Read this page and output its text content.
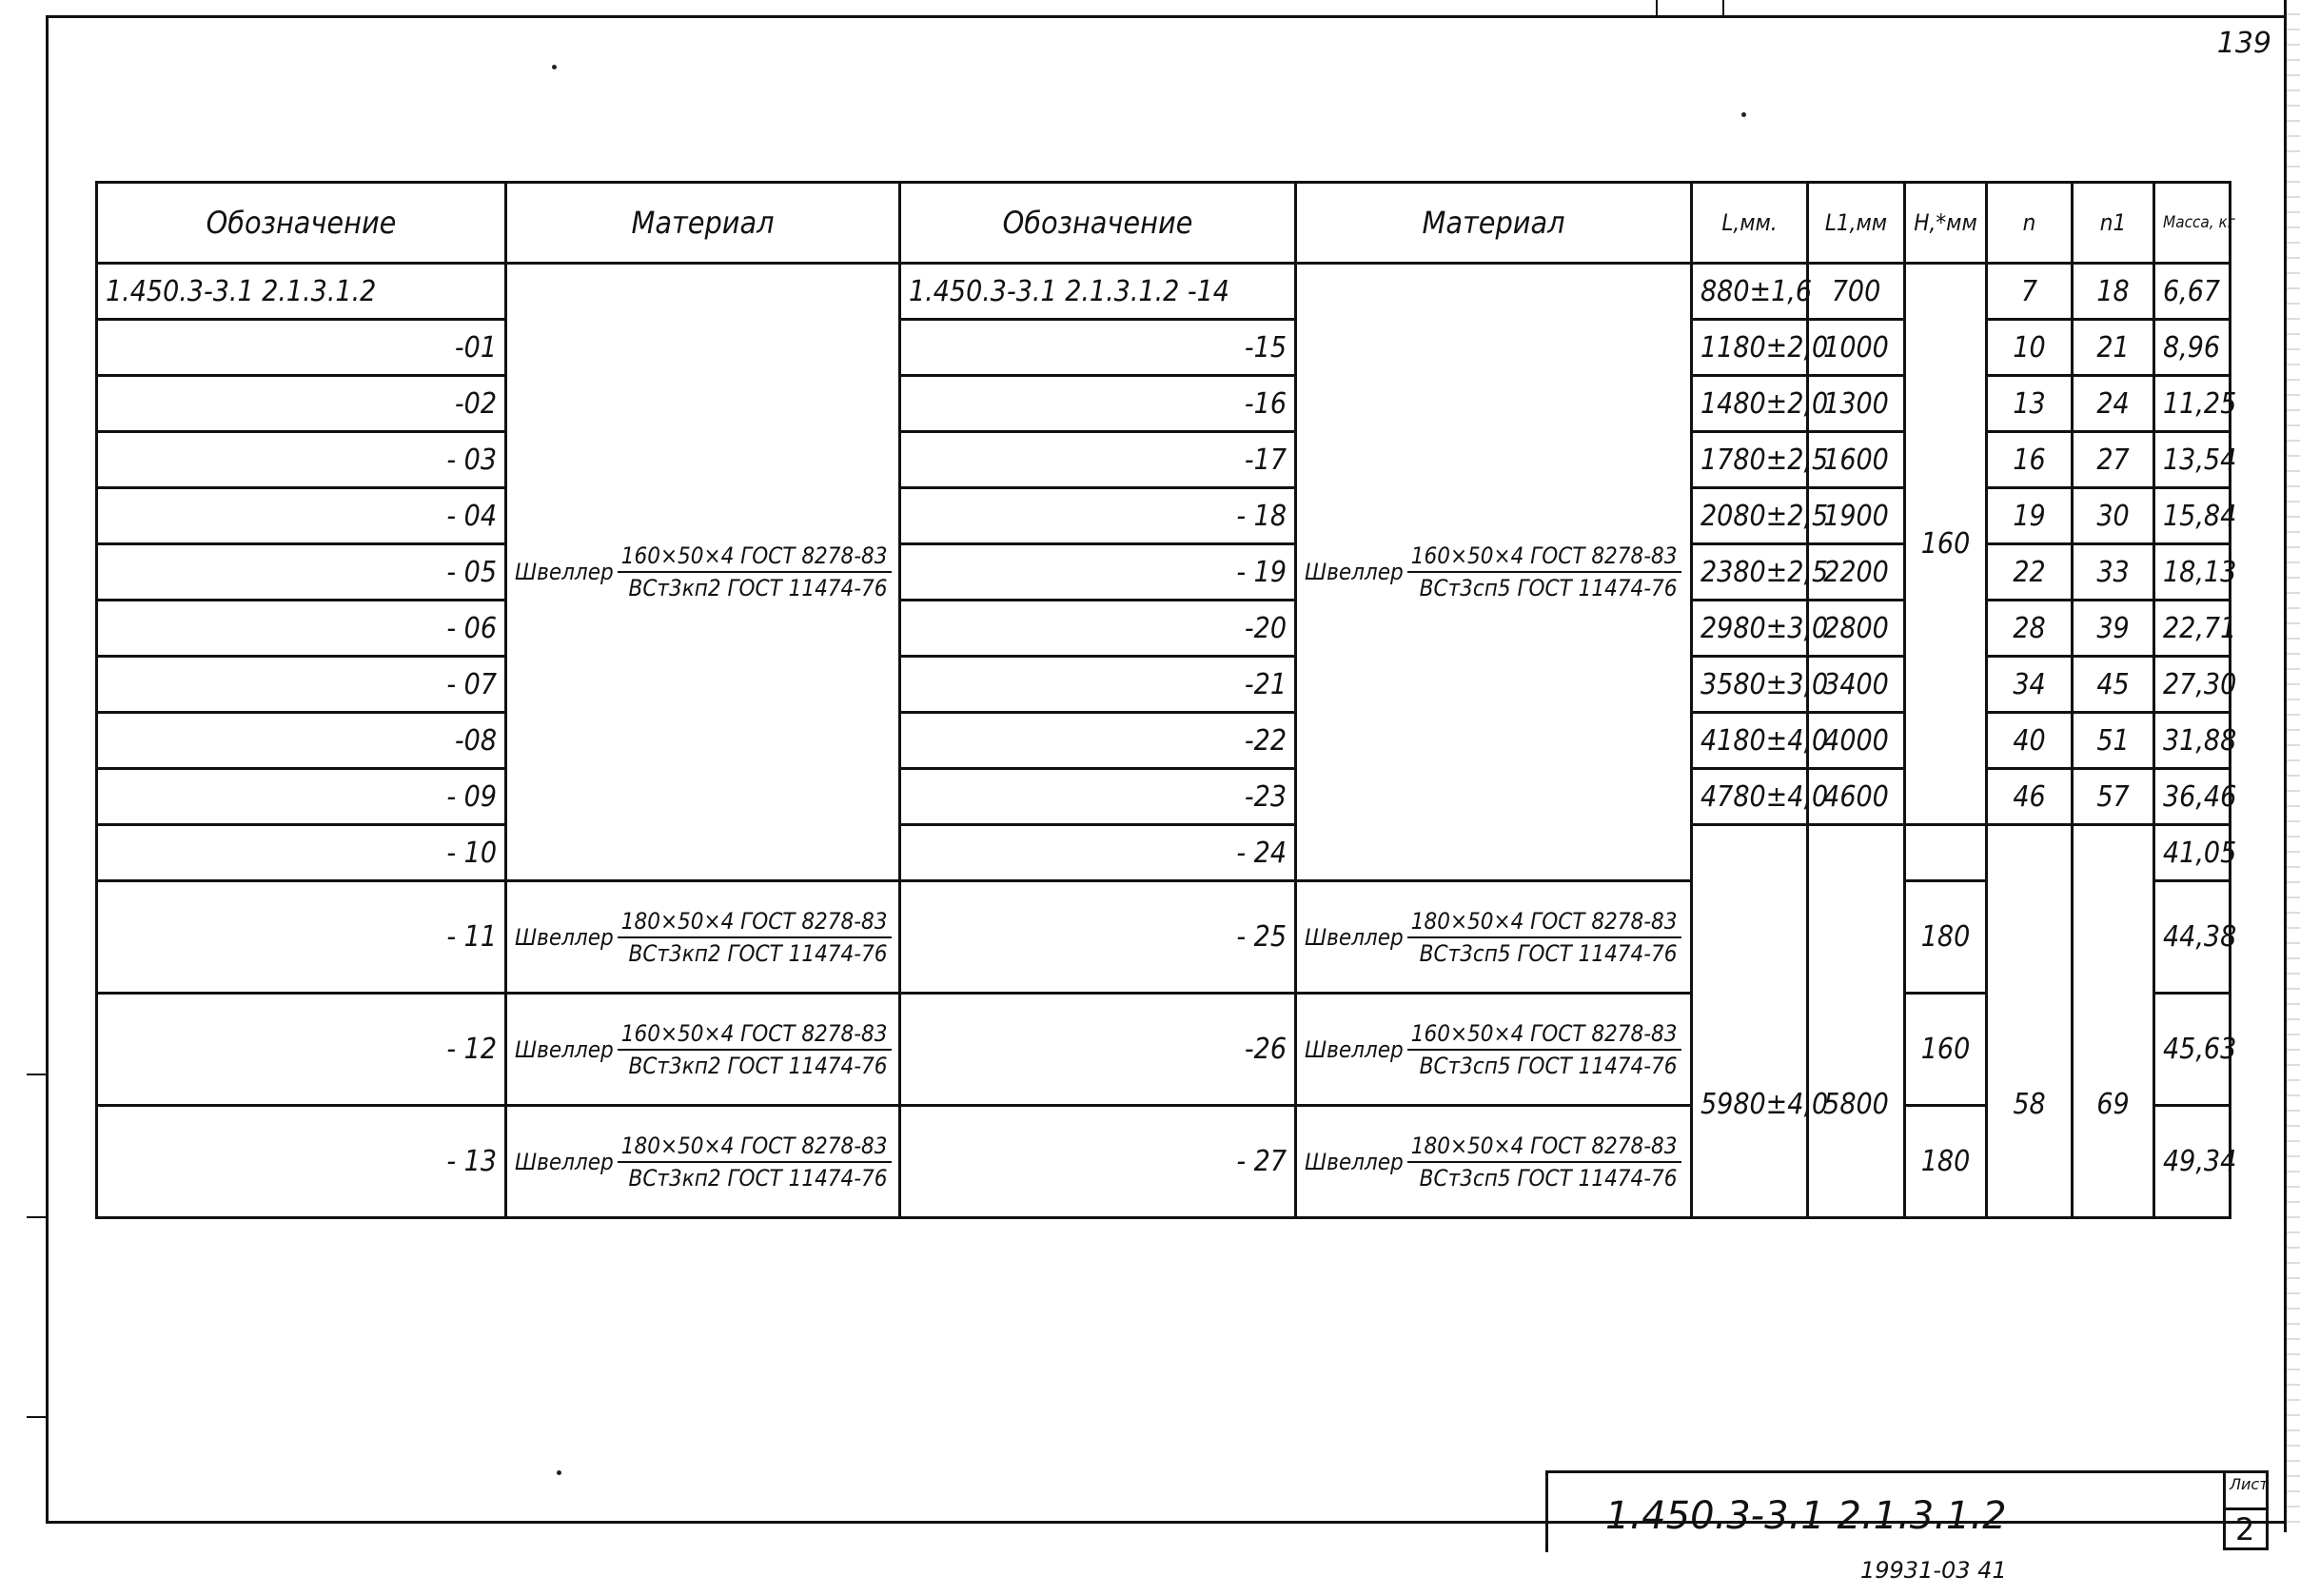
139
Обозначение	Материал	Обозначение	Материал	L,мм.	L1,мм	H,*мм	n	n1	Масса, кг
1.450.3-3.1 2.1.3.1.2	Швеллер $\frac{\text{160×50×4 ГОСТ 8278-83}}{\text{ВСт3кп2 ГОСТ 11474-76}}$	1.450.3-3.1 2.1.3.1.2 -14	Швеллер $\frac{\text{160×50×4 ГОСТ 8278-83}}{\text{ВСт3сп5 ГОСТ 11474-76}}$	880±1,6	700	160	7	18	6,67
-01		-15		1180±2,0	1000		10	21	8,96
-02		-16		1480±2,0	1300		13	24	11,25
- 03		-17		1780±2,5	1600		16	27	13,54
- 04		- 18		2080±2,5	1900		19	30	15,84
- 05		- 19		2380±2,5	2200		22	33	18,13
- 06		-20		2980±3,0	2800		28	39	22,71
- 07		-21		3580±3,0	3400		34	45	27,30
-08		-22		4180±4,0	4000		40	51	31,88
- 09		-23		4780±4,0	4600		46	57	36,46
- 10		- 24							41,05
- 11	Швеллер $\frac{\text{180×50×4 ГОСТ 8278-83}}{\text{ВСт3кп2 ГОСТ 11474-76}}$	- 25	Швеллер $\frac{\text{180×50×4 ГОСТ 8278-83}}{\text{ВСт3сп5 ГОСТ 11474-76}}$			180			44,38
- 12	Швеллер $\frac{\text{160×50×4 ГОСТ 8278-83}}{\text{ВСт3кп2 ГОСТ 11474-76}}$	-26	Швеллер $\frac{\text{160×50×4 ГОСТ 8278-83}}{\text{ВСт3сп5 ГОСТ 11474-76}}$	5980±4,0	5800	160	58	69	45,63
- 13	Швеллер $\frac{\text{180×50×4 ГОСТ 8278-83}}{\text{ВСт3кп2 ГОСТ 11474-76}}$	- 27	Швеллер $\frac{\text{180×50×4 ГОСТ 8278-83}}{\text{ВСт3сп5 ГОСТ 11474-76}}$			180			49,34
1.450.3-3.1 2.1.3.1.2
Лист
2
19931-03 41
